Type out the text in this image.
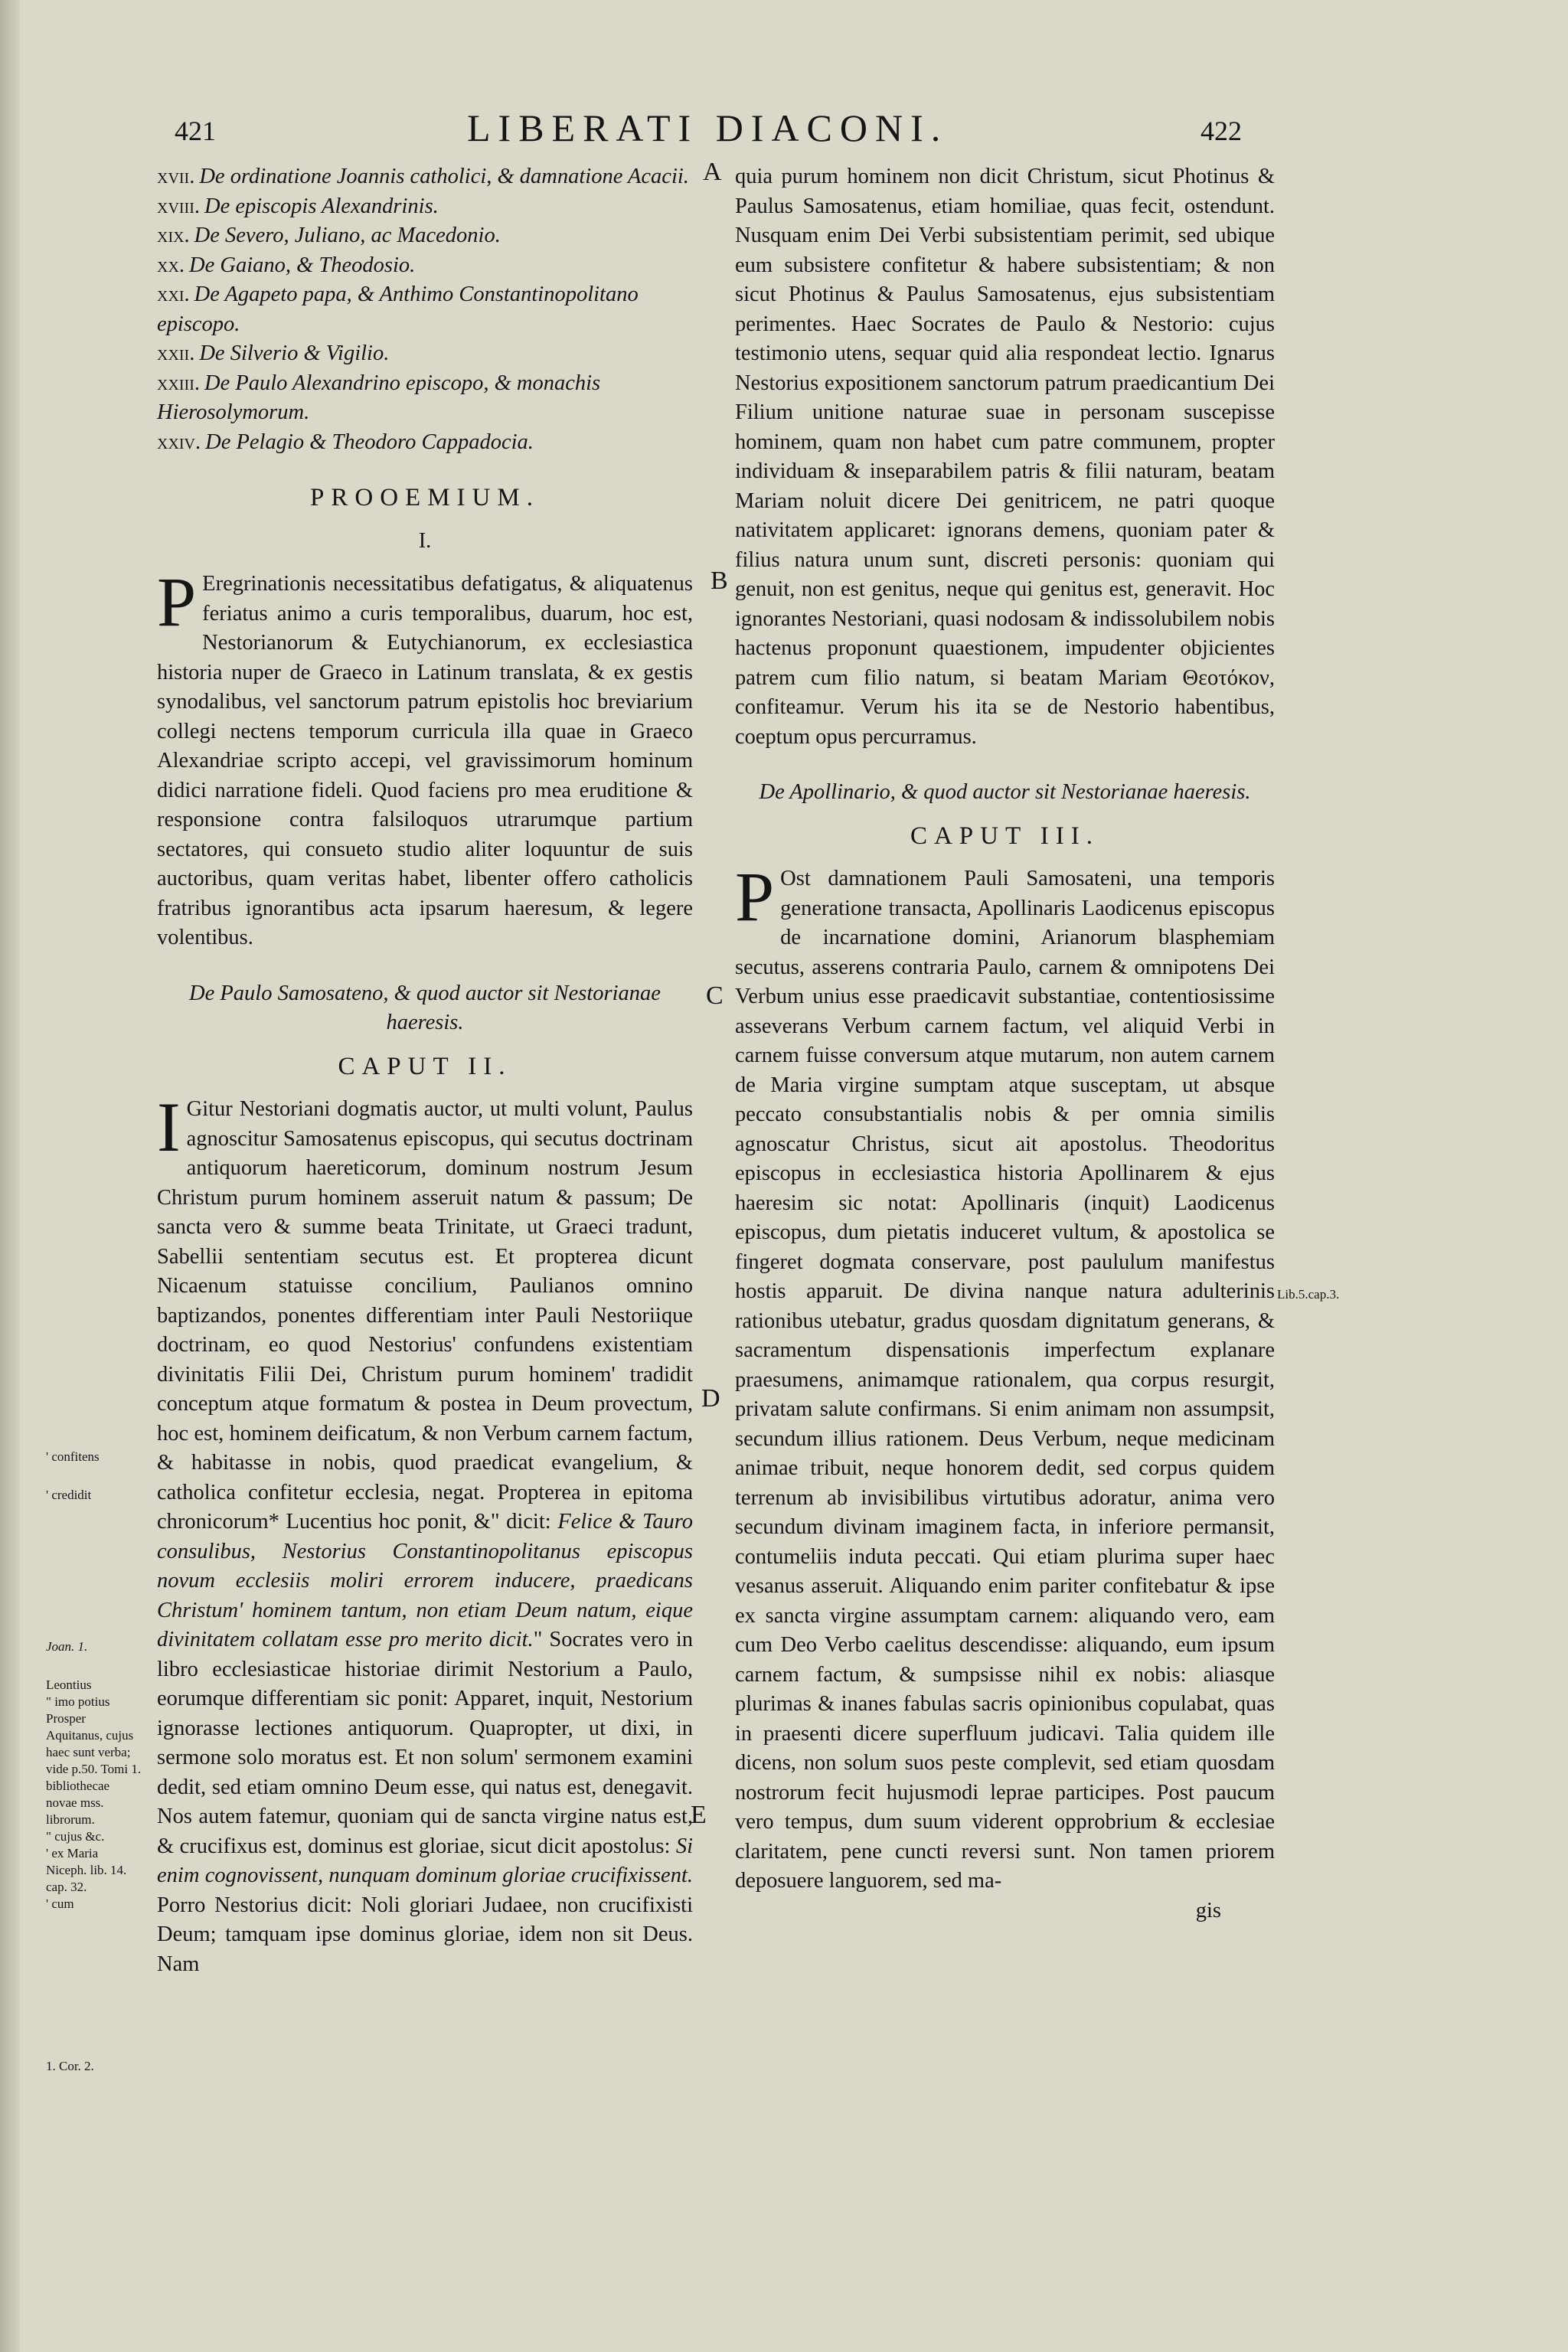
421	LIBERATI DIACONI.	422

xvii. De ordinatione Joannis catholici, & damnatione Acacii.

xviii. De episcopis Alexandrinis.

xix. De Severo, Juliano, ac Macedonio.

xx. De Gaiano, & Theodosio.

xxi. De Agapeto papa, & Anthimo Constantinopolitano episcopo.

xxii. De Silverio & Vigilio.

xxiii. De Paulo Alexandrino episcopo, & monachis Hierosolymorum.

xxiv. De Pelagio & Theodoro Cappadocia.

PROOEMIUM.
I.

P Eregrinationis necessitatibus defatigatus, & aliquatenus feriatus animo a curis temporalibus, duarum, hoc est, Nestorianorum & Eutychianorum, ex ecclesiastica historia nuper de Graeco in Latinum translata, & ex gestis synodalibus, vel sanctorum patrum epistolis hoc breviarium collegi nectens temporum curricula illa quae in Graeco Alexandriae scripto accepi, vel gravissimorum hominum didici narratione fideli. Quod faciens pro mea eruditione & responsione contra falsiloquos utrarumque partium sectatores, qui consueto studio aliter loquuntur de suis auctoribus, quam veritas habet, libenter offero catholicis fratribus ignorantibus acta ipsarum haeresum, & legere volentibus.

De Paulo Samosateno, & quod auctor sit Nestorianae haeresis.
CAPUT II.

I Gitur Nestoriani dogmatis auctor, ut multi volunt, Paulus agnoscitur Samosatenus episcopus, qui secutus doctrinam antiquorum haereticorum, dominum nostrum Jesum Christum purum hominem asseruit natum & passum; De sancta vero & summe beata Trinitate, ut Graeci tradunt, Sabellii sententiam secutus est. Et propterea dicunt Nicaenum statuisse concilium, Paulianos omnino baptizandos, ponentes differentiam inter Pauli Nestoriique doctrinam, eo quod Nestorius' confundens existentiam divinitatis Filii Dei, Christum purum hominem' tradidit conceptum atque formatum & postea in Deum provectum, hoc est, hominem deificatum, & non Verbum carnem factum, & habitasse in nobis, quod praedicat evangelium, & catholica confitetur ecclesia, negat. Propterea in epitoma chronicorum* Lucentius hoc ponit, &" dicit: Felice & Tauro consulibus, Nestorius Constantinopolitanus episcopus novum ecclesiis moliri errorem inducere, praedicans Christum' hominem tantum, non etiam Deum natum, eique divinitatem collatam esse pro merito dicit." Socrates vero in libro ecclesiasticae historiae dirimit Nestorium a Paulo, eorumque differentiam sic ponit: Apparet, inquit, Nestorium ignorasse lectiones antiquorum. Quapropter, ut dixi, in sermone solo moratus est. Et non solum' sermonem examini dedit, sed etiam omnino Deum esse, qui natus est, denegavit. Nos autem fatemur, quoniam qui de sancta virgine natus est, & crucifixus est, dominus est gloriae, sicut dicit apostolus: Si enim cognovissent, nunquam dominum gloriae crucifixissent. Porro Nestorius dicit: Noli gloriari Judaee, non crucifixisti Deum; tamquam ipse dominus gloriae, idem non sit Deus. Nam

quia purum hominem non dicit Christum, sicut Photinus & Paulus Samosatenus, etiam homiliae, quas fecit, ostendunt. Nusquam enim Dei Verbi subsistentiam perimit, sed ubique eum subsistere confitetur & habere subsistentiam; & non sicut Photinus & Paulus Samosatenus, ejus subsistentiam perimentes. Haec Socrates de Paulo & Nestorio: cujus testimonio utens, sequar quid alia respondeat lectio. Ignarus Nestorius expositionem sanctorum patrum praedicantium Dei Filium unitione naturae suae in personam suscepisse hominem, quam non habet cum patre communem, propter individuam & inseparabilem patris & filii naturam, beatam Mariam noluit dicere Dei genitricem, ne patri quoque nativitatem applicaret: ignorans demens, quoniam pater & filius natura unum sunt, discreti personis: quoniam qui genuit, non est genitus, neque qui genitus est, generavit. Hoc ignorantes Nestoriani, quasi nodosam & indissolubilem nobis hactenus proponunt quaestionem, impudenter objicientes patrem cum filio natum, si beatam Mariam Θεοτόκον, confiteamur. Verum his ita se de Nestorio habentibus, coeptum opus percurramus.

De Apollinario, & quod auctor sit Nestorianae haeresis.
CAPUT III.

P Ost damnationem Pauli Samosateni, una temporis generatione transacta, Apollinaris Laodicenus episcopus de incarnatione domini, Arianorum blasphemiam secutus, asserens contraria Paulo, carnem & omnipotens Dei Verbum unius esse praedicavit substantiae, contentiosissime asseverans Verbum carnem factum, vel aliquid Verbi in carnem fuisse conversum atque mutarum, non autem carnem de Maria virgine sumptam atque susceptam, ut absque peccato consubstantialis nobis & per omnia similis agnoscatur Christus, sicut ait apostolus. Theodoritus episcopus in ecclesiastica historia Apollinarem & ejus haeresim sic notat: Apollinaris (inquit) Laodicenus episcopus, dum pietatis induceret vultum, & apostolica se fingeret dogmata conservare, post paululum manifestus hostis apparuit. De divina nanque natura adulterinis rationibus utebatur, gradus quosdam dignitatum generans, & sacramentum dispensationis imperfectum explanare praesumens, animamque rationalem, qua corpus resurgit, privatam salute confirmans. Si enim animam non assumpsit, secundum illius rationem. Deus Verbum, neque medicinam animae tribuit, neque honorem dedit, sed corpus quidem terrenum ab invisibilibus virtutibus adoratur, anima vero secundum divinam imaginem facta, in inferiore permansit, contumeliis induta peccati. Qui etiam plurima super haec vesanus asseruit. Aliquando enim pariter confitebatur & ipse ex sancta virgine assumptam carnem: aliquando vero, eam cum Deo Verbo caelitus descendisse: aliquando, eum ipsum carnem factum, & sumpsisse nihil ex nobis: aliasque plurimas & inanes fabulas sacris opinionibus copulabat, quas in praesenti dicere superfluum judicavi. Talia quidem ille dicens, non solum suos peste complevit, sed etiam quosdam nostrorum fecit hujusmodi leprae participes. Post paucum vero tempus, dum suum viderent opprobrium & ecclesiae claritatem, pene cuncti reversi sunt. Non tamen priorem deposuere languorem, sed ma-

gis
A
B
C
D
E
' confitens
' credidit
Joan. 1.
Leontius
" imo potius Prosper Aquitanus, cujus haec sunt verba; vide p.50. Tomi 1. bibliothecae novae mss. librorum.
" cujus &c.
' ex Maria
Niceph. lib. 14. cap. 32.
' cum
1. Cor. 2.
Lib.5.cap.3.
